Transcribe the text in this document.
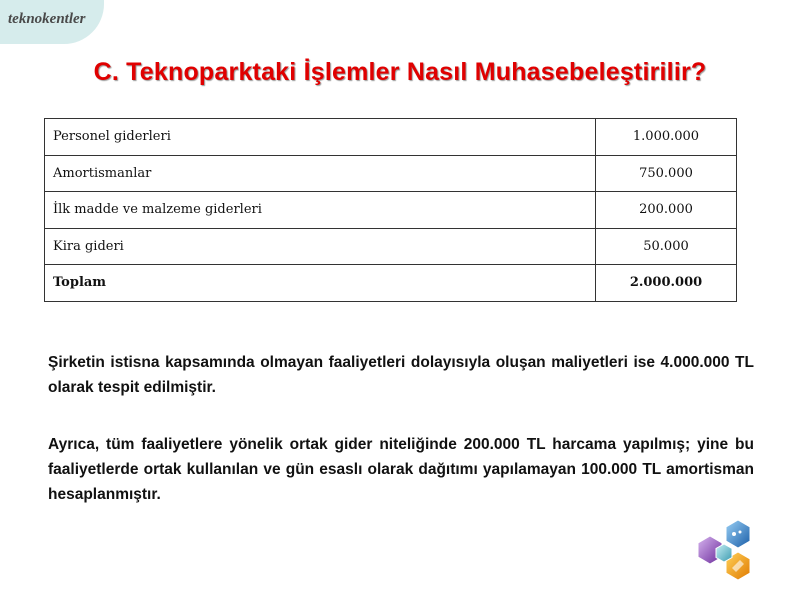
teknokentler
C. Teknoparktaki İşlemler Nasıl Muhasebeleştirilir?
Personel giderleri	1.000.000
Amortismanlar	750.000
İlk madde ve malzeme giderleri	200.000
Kira gideri	50.000
Toplam	2.000.000

Şirketin istisna kapsamında olmayan faaliyetleri dolayısıyla oluşan maliyetleri ise 4.000.000 TL olarak tespit edilmiştir.

Ayrıca, tüm faaliyetlere yönelik ortak gider niteliğinde 200.000 TL harcama yapılmış; yine bu faaliyetlerde ortak kullanılan ve gün esaslı olarak dağıtımı yapılamayan 100.000 TL amortisman hesaplanmıştır.
